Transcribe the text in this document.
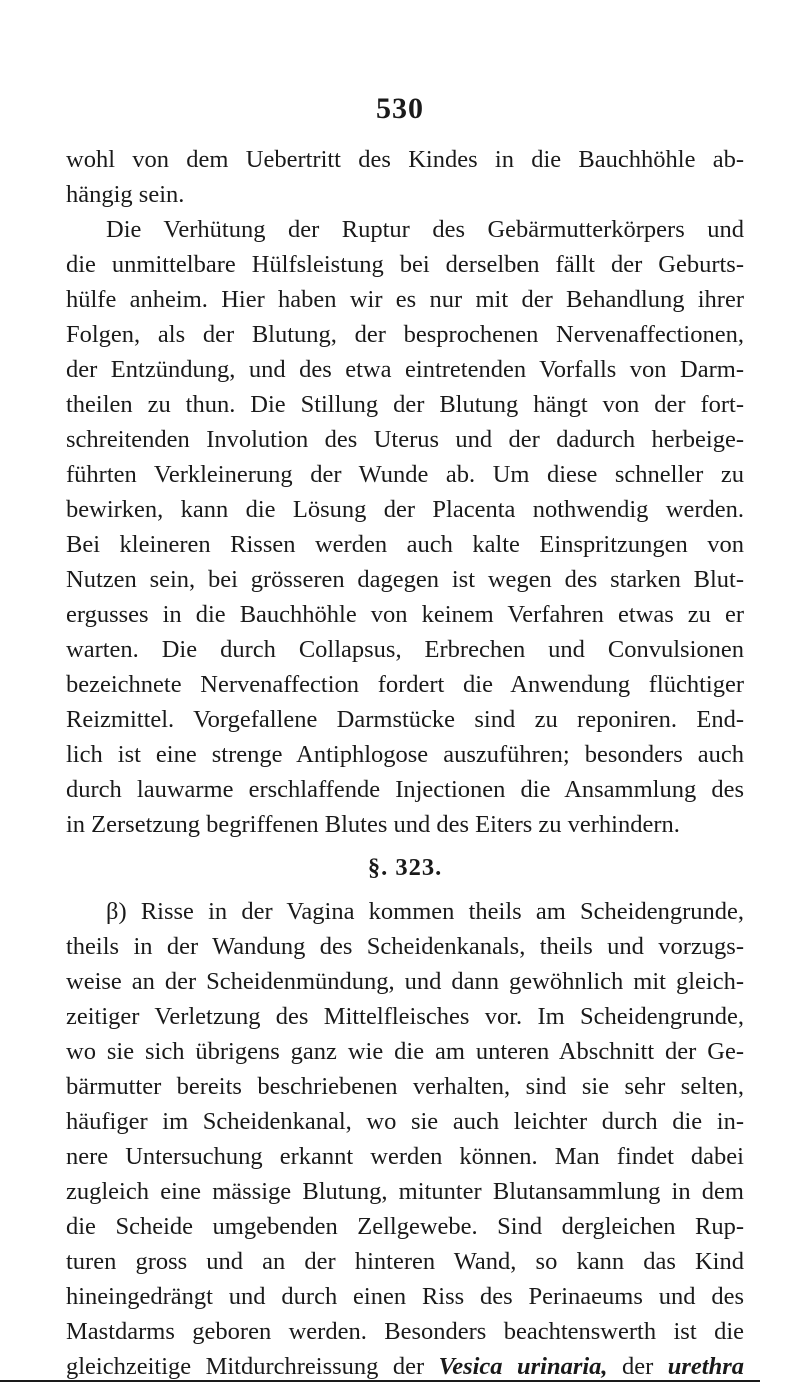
530
wohl von dem Uebertritt des Kindes in die Bauchhöhle ab-
hängig sein.
Die Verhütung der Ruptur des Gebärmutterkörpers und
die unmittelbare Hülfsleistung bei derselben fällt der Geburts-
hülfe anheim. Hier haben wir es nur mit der Behandlung ihrer
Folgen, als der Blutung, der besprochenen Nervenaffectionen,
der Entzündung, und des etwa eintretenden Vorfalls von Darm-
theilen zu thun. Die Stillung der Blutung hängt von der fort-
schreitenden Involution des Uterus und der dadurch herbeige-
führten Verkleinerung der Wunde ab. Um diese schneller zu
bewirken, kann die Lösung der Placenta nothwendig werden.
Bei kleineren Rissen werden auch kalte Einspritzungen von
Nutzen sein, bei grösseren dagegen ist wegen des starken Blut-
ergusses in die Bauchhöhle von keinem Verfahren etwas zu er
warten. Die durch Collapsus, Erbrechen und Convulsionen
bezeichnete Nervenaffection fordert die Anwendung flüchtiger
Reizmittel. Vorgefallene Darmstücke sind zu reponiren. End-
lich ist eine strenge Antiphlogose auszuführen; besonders auch
durch lauwarme erschlaffende Injectionen die Ansammlung des
in Zersetzung begriffenen Blutes und des Eiters zu verhindern.
§. 323.
β) Risse in der Vagina kommen theils am Scheidengrunde,
theils in der Wandung des Scheidenkanals, theils und vorzugs-
weise an der Scheidenmündung, und dann gewöhnlich mit gleich-
zeitiger Verletzung des Mittelfleisches vor. Im Scheidengrunde,
wo sie sich übrigens ganz wie die am unteren Abschnitt der Ge-
bärmutter bereits beschriebenen verhalten, sind sie sehr selten,
häufiger im Scheidenkanal, wo sie auch leichter durch die in-
nere Untersuchung erkannt werden können. Man findet dabei
zugleich eine mässige Blutung, mitunter Blutansammlung in dem
die Scheide umgebenden Zellgewebe. Sind dergleichen Rup-
turen gross und an der hinteren Wand, so kann das Kind
hineingedrängt und durch einen Riss des Perinaeums und des
Mastdarms geboren werden. Besonders beachtenswerth ist die
gleichzeitige Mitdurchreissung der Vesica urinaria, der urethra
